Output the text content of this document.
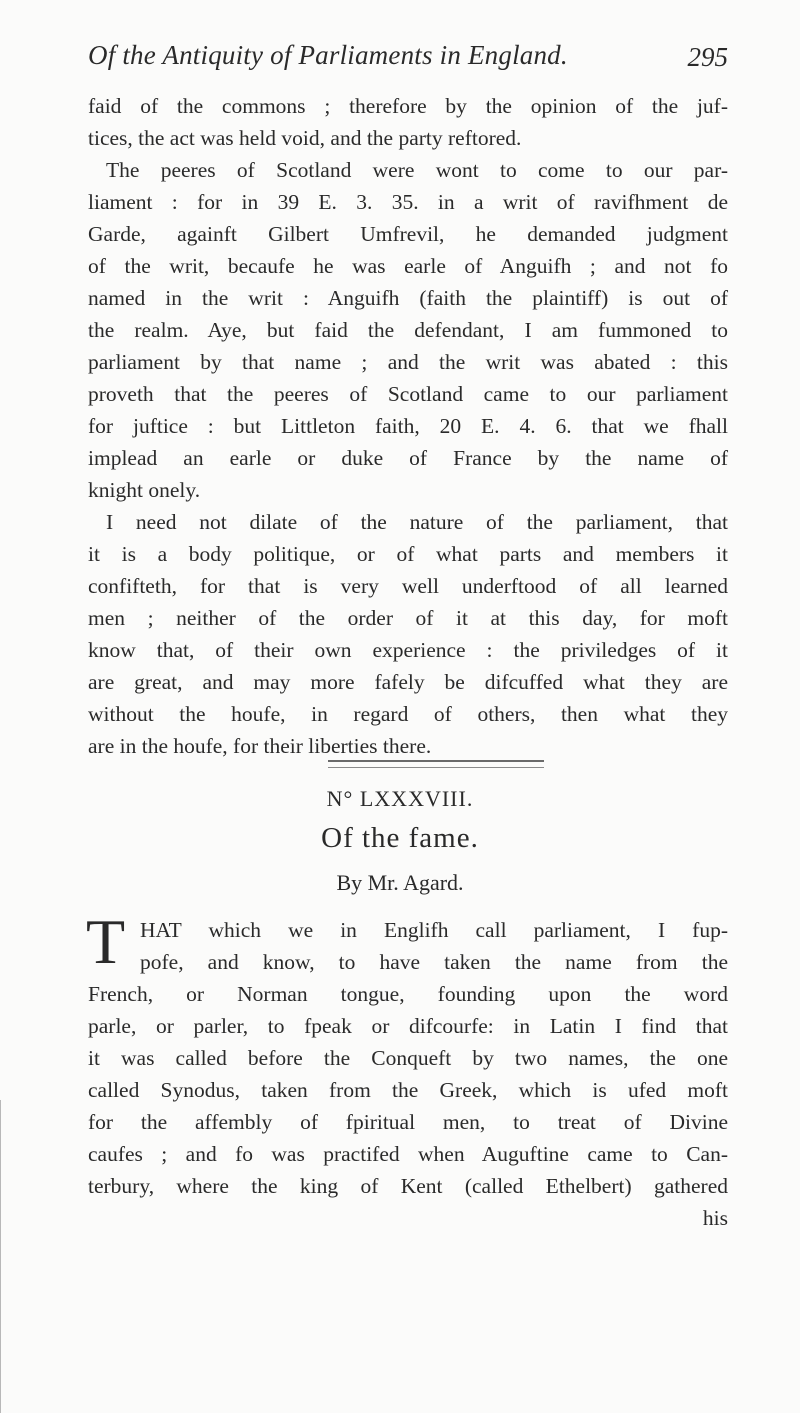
Of the Antiquity of Parliaments in England.	295
faid of the commons ; therefore by the opinion of the juf-
tices, the act was held void, and the party reftored.
The peeres of Scotland were wont to come to our par-
liament : for in 39 E. 3. 35. in a writ of ravifhment de
Garde, againft Gilbert Umfrevil, he demanded judgment
of the writ, becaufe he was earle of Anguifh ; and not fo
named in the writ : Anguifh (faith the plaintiff) is out of
the realm. Aye, but faid the defendant, I am fummoned to
parliament by that name ; and the writ was abated : this
proveth that the peeres of Scotland came to our parliament
for juftice : but Littleton faith, 20 E. 4. 6. that we fhall
implead an earle or duke of France by the name of
knight onely.
I need not dilate of the nature of the parliament, that
it is a body politique, or of what parts and members it
confifteth, for that is very well underftood of all learned
men ; neither of the order of it at this day, for moft
know that, of their own experience : the priviledges of it
are great, and may more fafely be difcuffed what they are
without the houfe, in regard of others, then what they
are in the houfe, for their liberties there.
N° LXXXVIII.
Of the fame.
By Mr. Agard.
T HAT which we in Englifh call parliament, I fup-
pofe, and know, to have taken the name from the
French, or Norman tongue, founding upon the word
parle, or parler, to fpeak or difcourfe: in Latin I find that
it was called before the Conqueft by two names, the one
called Synodus, taken from the Greek, which is ufed moft
for the affembly of fpiritual men, to treat of Divine
caufes ; and fo was practifed when Auguftine came to Can-
terbury, where the king of Kent (called Ethelbert) gathered
his
